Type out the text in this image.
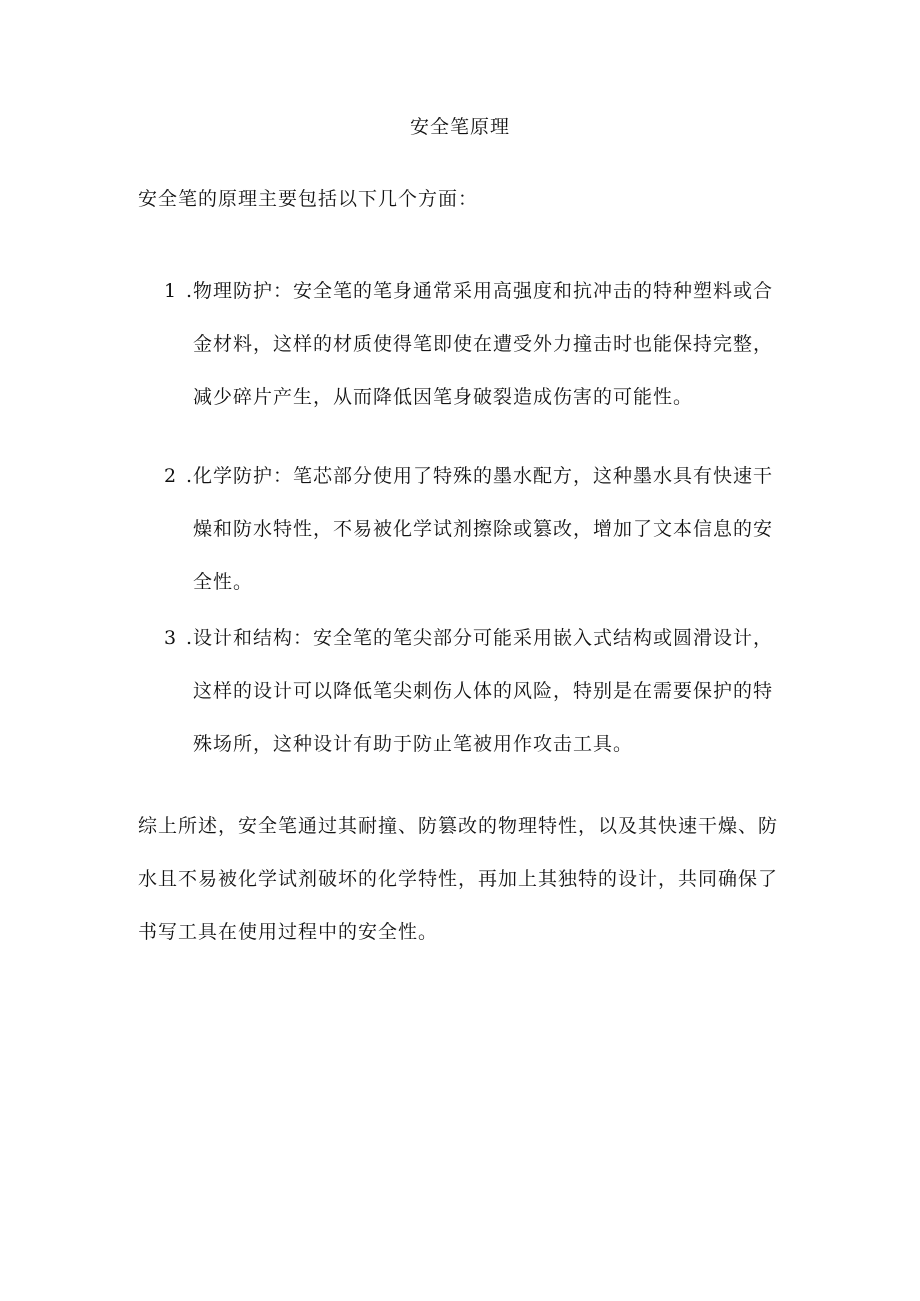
安全笔原理
安全笔的原理主要包括以下几个方面：
1 .物理防护：安全笔的笔身通常采用高强度和抗冲击的特种塑料或合
金材料，这样的材质使得笔即使在遭受外力撞击时也能保持完整，
减少碎片产生，从而降低因笔身破裂造成伤害的可能性。
2 .化学防护：笔芯部分使用了特殊的墨水配方，这种墨水具有快速干
燥和防水特性，不易被化学试剂擦除或篡改，增加了文本信息的安
全性。
3 .设计和结构：安全笔的笔尖部分可能采用嵌入式结构或圆滑设计，
这样的设计可以降低笔尖刺伤人体的风险，特别是在需要保护的特
殊场所，这种设计有助于防止笔被用作攻击工具。
综上所述，安全笔通过其耐撞、防篡改的物理特性，以及其快速干燥、防
水且不易被化学试剂破坏的化学特性，再加上其独特的设计，共同确保了
书写工具在使用过程中的安全性。
